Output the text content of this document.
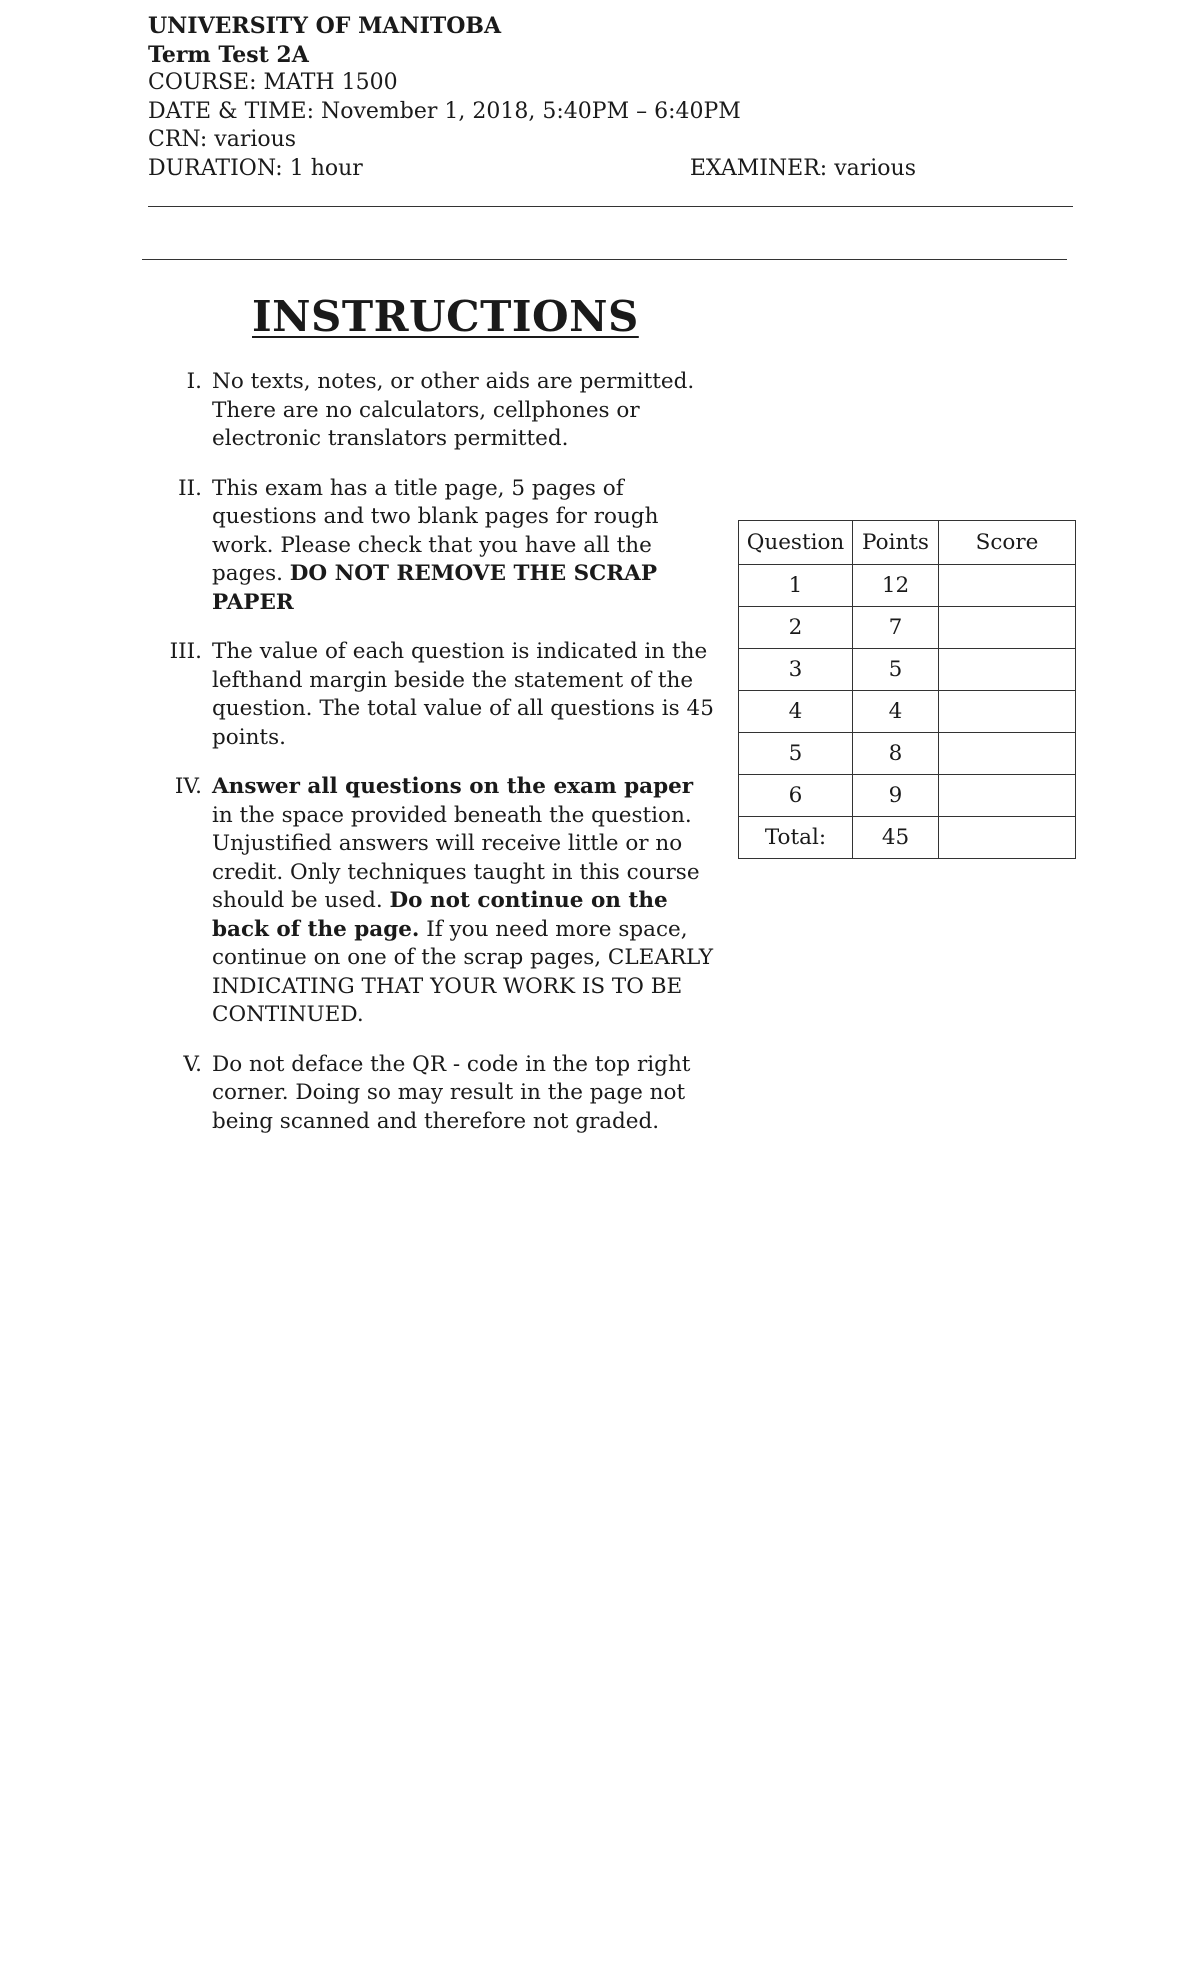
UNIVERSITY OF MANITOBA
Term Test 2A
COURSE: MATH 1500
DATE & TIME: November 1, 2018, 5:40PM – 6:40PM
CRN: various
DURATION: 1 hour	EXAMINER: various
INSTRUCTIONS
I. No texts, notes, or other aids are permitted. There are no calculators, cellphones or electronic translators permitted.
II. This exam has a title page, 5 pages of questions and two blank pages for rough work. Please check that you have all the pages. DO NOT REMOVE THE SCRAP PAPER
III. The value of each question is indicated in the lefthand margin beside the statement of the question. The total value of all questions is 45 points.
IV. Answer all questions on the exam paper in the space provided beneath the question. Unjustified answers will receive little or no credit. Only techniques taught in this course should be used. Do not continue on the back of the page. If you need more space, continue on one of the scrap pages, CLEARLY INDICATING THAT YOUR WORK IS TO BE CONTINUED.
V. Do not deface the QR - code in the top right corner. Doing so may result in the page not being scanned and therefore not graded.
Question	Points	Score
1	12	
2	7	
3	5	
4	4	
5	8	
6	9	
Total:	45	
